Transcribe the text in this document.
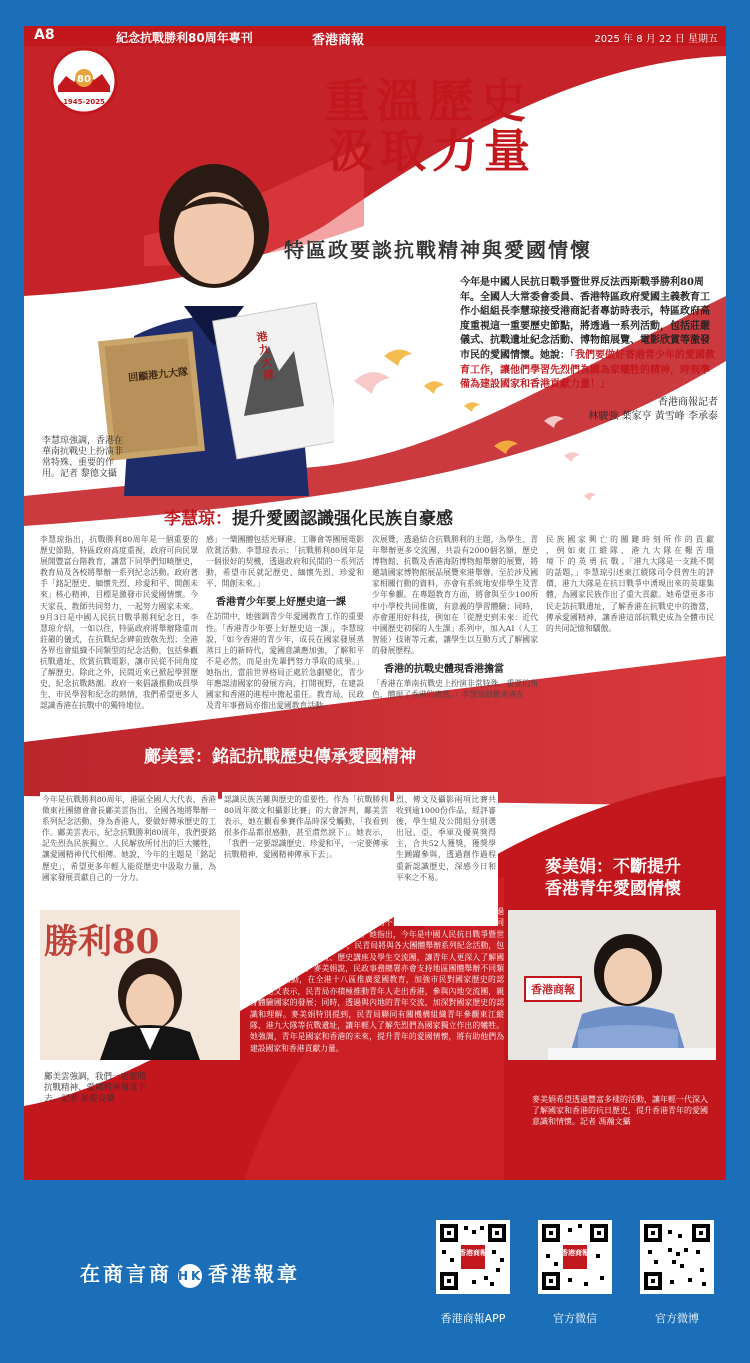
A8	紀念抗戰勝利80周年專刊	香港商報	2025 年 8 月 22 日 星期五
80
1945-2025	重溫歷史
汲取力量
特區政要談抗戰精神與愛國情懷
回顧港九大隊
港九大隊
李慧琼強調，香港在華南抗戰史上扮演非常特殊、重要的作用。記者 黎德文攝
今年是中國人民抗日戰爭暨世界反法西斯戰爭勝利80周年。全國人大常委會委員、香港特區政府愛國主義教育工作小組組長李慧琼接受港商記者專訪時表示，特區政府高度重視這一重要歷史節點，將透過一系列活動，包括莊嚴儀式、抗戰遺址紀念活動、博物館展覽、電影欣賞等激發市民的愛國情懷。她說：「我們要做好香港青少年的愛國教育工作，讓他們學習先烈們為國為家犧牲的精神，時刻準備為建設國家和香港貢獻力量！」
香港商報記者
林駿強 葉家亨 黃雪峰 李承泰
李慧琼：提升愛國認識强化民族自豪感
李慧琼指出，抗戰勝利80周年是一個重要的歷史節點，特區政府高度重視，政府可向民眾展開豐富台階教育，讓當下同學們知曉歷史，教育局及各校將舉辦一系列紀念活動。政府著手「銘記歷史、緬懷先烈、珍愛和平、開創未來」核心精神，目標是激發市民愛國情懷。今天家長、教師共同努力，一起努力國家未來。9月3日是中國人民抗日戰爭勝利紀念日，李慧琼介紹，一如以往，特區政府將舉辦隆重而莊嚴的儀式，在抗戰紀念碑前致敬先烈；全港各界也會組織不同類型的紀念活動，包括參觀抗戰遺址、欣賞抗戰電影，讓市民從不同角度了解歷史。除此之外，民間近來已掀起學習歷史、紀念抗戰熱潮。政府一來倡議推動成員學生、市民學習和紀念的熱情，我們希望更多人認識香港在抗戰中的獨特地位。
感」一樂團體包括光輝港、工聯會等團展電影欣賞活動。李慧琼表示：「抗戰勝利80周年是一個很好的契機，透過政府和民間的一系列活動，希望市民就記歷史、緬懷先烈、珍愛和平、開創未來。」
香港青少年要上好歷史這一課
在訪問中，她強調青少年愛國教育工作的重要性。「香港青少年要上好歷史這一課」，李慧琼說，「如今香港的青少年，成長在國家發展蒸蒸日上的新時代，愛國意識應加強，了解和平不是必然，而是由先輩們努力爭取的成果。」她指出，當前世界格局正處於急劇變化，青少年應認清國家的發展方向，打開視野，在建設國家和香港的進程中擔起重任。教育局、民政及青年事務局亦推出愛國教育活動。
次展覽，透過結合抗戰勝利的主題，為學生、青年舉辦更多交流團，共設有2000個名額，歷史博物館、抗戰及香港海防博物館舉辦的展覽，將邀請國家博物館展品展覽來港舉辦。至於涉及國家相關行動的資料，亦會有系統地安排學生及青少年參觀。在專題教育方面，將會與至少100所中小學校共同推廣，有意義的學習體驗；同時，亦會運用好科技，例如在「從歷史到未來：近代中國歷史初探的人生課」系列中，加入AI（人工智能）技術等元素，讓學生以互動方式了解國家的發展歷程。
香港的抗戰史體現香港擔當
「香港在華南抗戰史上扮演非常特殊、重要的角色，體現了香港的擔當。」李慧琼細數香港在
民 族 國 家 興 亡 的 關 鍵 時 刻 所 作 的 貢 獻 ， 例 如 東 江 縱 隊 、 港 九 大 隊 在 艱 苦 環 境 下 的 英 勇 抗 戰 。「港九大隊是一支跳不開的話題，」李慧琼引述東江縱隊司令員曾生的評價，港九大隊是在抗日戰爭中湧現出來的英雄集體，為國家民族作出了重大貢獻。她希望更多市民走訪抗戰遺址，了解香港在抗戰史中的擔當，傳承愛國精神，讓香港這部抗戰史成為全體市民的共同記憶和驕傲。
鄺美雲：銘記抗戰歷史傳承愛國精神
今年是抗戰勝利80周年，港區全國人大代表、香港徵東社團總會會長鄺美雲指出，全國各地將舉辦一系列紀念活動，身為香港人，要做好傳承歷史的工作。鄺美雲表示，紀念抗戰勝利80周年，我們要銘記先烈為民族獨立、人民解放所付出的巨大犧牲，讓愛國精神代代相傳。她說，今年的主題是「銘記歷史」，希望更多年輕人能從歷史中汲取力量，為國家發展貢獻自己的一分力。
認識民族苦難與歷史的重要性。作為「抗戰勝利80周年徵文和攝影比賽」的大會評判，鄺美雲表示，她在觀看參賽作品時深受觸動，「我看到很多作品都很感動，甚至潸然淚下」。她表示，「我們一定要認識歷史、珍愛和平，一定要傳承抗戰精神、愛國精神傳承下去」。
烈、傳文及攝影兩項比賽共收到逾1000份作品，經評審後，學生組及公開組分別選出冠、亞、季軍及優異獎得主，合共52人獲獎，獲獎學生踴躍參與，透過創作過程重新認識歷史，深感今日和平來之不易。
勝利80
鄺美雲強調，我們一定要將抗戰精神、愛國精神傳承下去。記者 崔俊良攝
麥美娟：不斷提升
香港青年愛國情懷
民政及青年事務局（民青局）局長麥美娟接受港商記者訪問時表示，在過去的一年，民青局與不同團體合作推出不同類型的愛國教育活動，讓不同年齡層的香港青年了解國家歷史。她指出，今年是中國人民抗日戰爭暨世界反法西斯戰爭勝利80周年，民青局將與各大團體舉辦系列紀念活動，包括專題展覽、影片欣賞、歷史講座及學生交流團，讓青年人更深入了解國家的發展和歷史。麥美娟說，民政事務總署亦會支持地區團體舉辦不同類型的紀念活動，在全港十八區推廣愛國教育，加強市民對國家歷史的認識。她又表示，民青局亦積極推動青年人走出香港，參與內地交流團，親身體驗國家的發展；同時，透過與內地的青年交流，加深對國家歷史的認識和理解。麥美娟特別提到，民青局聯同有關機構組織青年參觀東江縱隊、港九大隊等抗戰遺址，讓年輕人了解先烈們為國家獨立作出的犧牲。她強調，青年是國家和香港的未來，提升青年的愛國情懷，將有助他們為建設國家和香港貢獻力量。
香港商報
麥美娟希望透過豐富多樣的活動，讓年輕一代深入了解國家和香港的抗日歷史，提升香港青年的愛國意識和情懷。記者 馮瀚文攝
在商言商 HK 香港報章
香港商報	香港商報
香港商報APP	官方微信	官方微博
